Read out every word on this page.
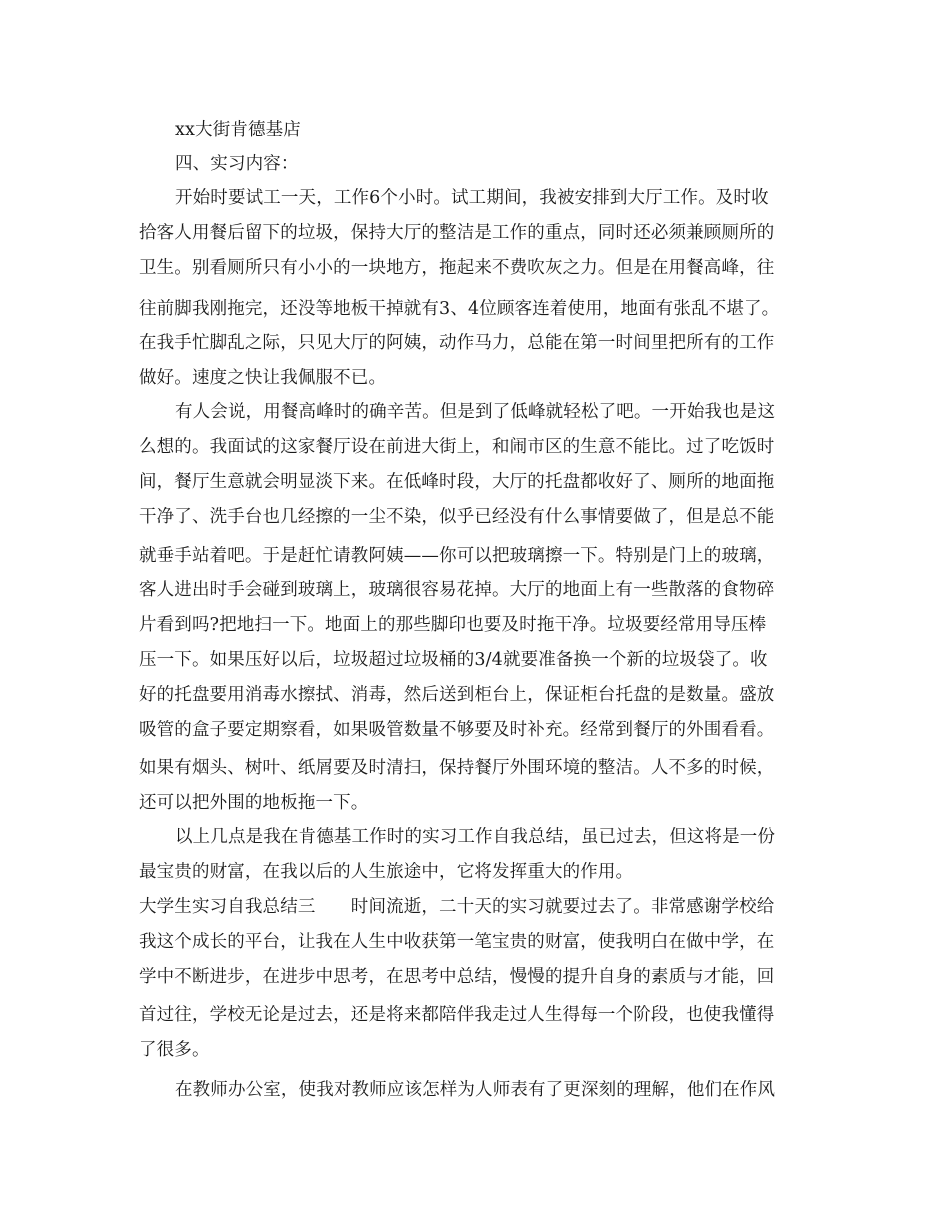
xx大街肯德基店
四、实习内容：
开始时要试工一天，工作6个小时。试工期间，我被安排到大厅工作。及时收
拾客人用餐后留下的垃圾，保持大厅的整洁是工作的重点，同时还必须兼顾厕所的
卫生。别看厕所只有小小的一块地方，拖起来不费吹灰之力。但是在用餐高峰，往
往前脚我刚拖完，还没等地板干掉就有3、4位顾客连着使用，地面有张乱不堪了。
在我手忙脚乱之际，只见大厅的阿姨，动作马力，总能在第一时间里把所有的工作
做好。速度之快让我佩服不已。
有人会说，用餐高峰时的确辛苦。但是到了低峰就轻松了吧。一开始我也是这
么想的。我面试的这家餐厅设在前进大街上，和闹市区的生意不能比。过了吃饭时
间，餐厅生意就会明显淡下来。在低峰时段，大厅的托盘都收好了、厕所的地面拖
干净了、洗手台也几经擦的一尘不染，似乎已经没有什么事情要做了，但是总不能
就垂手站着吧。于是赶忙请教阿姨——你可以把玻璃擦一下。特别是门上的玻璃，
客人进出时手会碰到玻璃上，玻璃很容易花掉。大厅的地面上有一些散落的食物碎
片看到吗?把地扫一下。地面上的那些脚印也要及时拖干净。垃圾要经常用导压棒
压一下。如果压好以后，垃圾超过垃圾桶的3/4就要准备换一个新的垃圾袋了。收
好的托盘要用消毒水擦拭、消毒，然后送到柜台上，保证柜台托盘的是数量。盛放
吸管的盒子要定期察看，如果吸管数量不够要及时补充。经常到餐厅的外围看看。
如果有烟头、树叶、纸屑要及时清扫，保持餐厅外围环境的整洁。人不多的时候，
还可以把外围的地板拖一下。
以上几点是我在肯德基工作时的实习工作自我总结，虽已过去，但这将是一份
最宝贵的财富，在我以后的人生旅途中，它将发挥重大的作用。
大学生实习自我总结三　　时间流逝，二十天的实习就要过去了。非常感谢学校给
我这个成长的平台，让我在人生中收获第一笔宝贵的财富，使我明白在做中学，在
学中不断进步，在进步中思考，在思考中总结，慢慢的提升自身的素质与才能，回
首过往，学校无论是过去，还是将来都陪伴我走过人生得每一个阶段，也使我懂得
了很多。
在教师办公室，使我对教师应该怎样为人师表有了更深刻的理解，他们在作风
